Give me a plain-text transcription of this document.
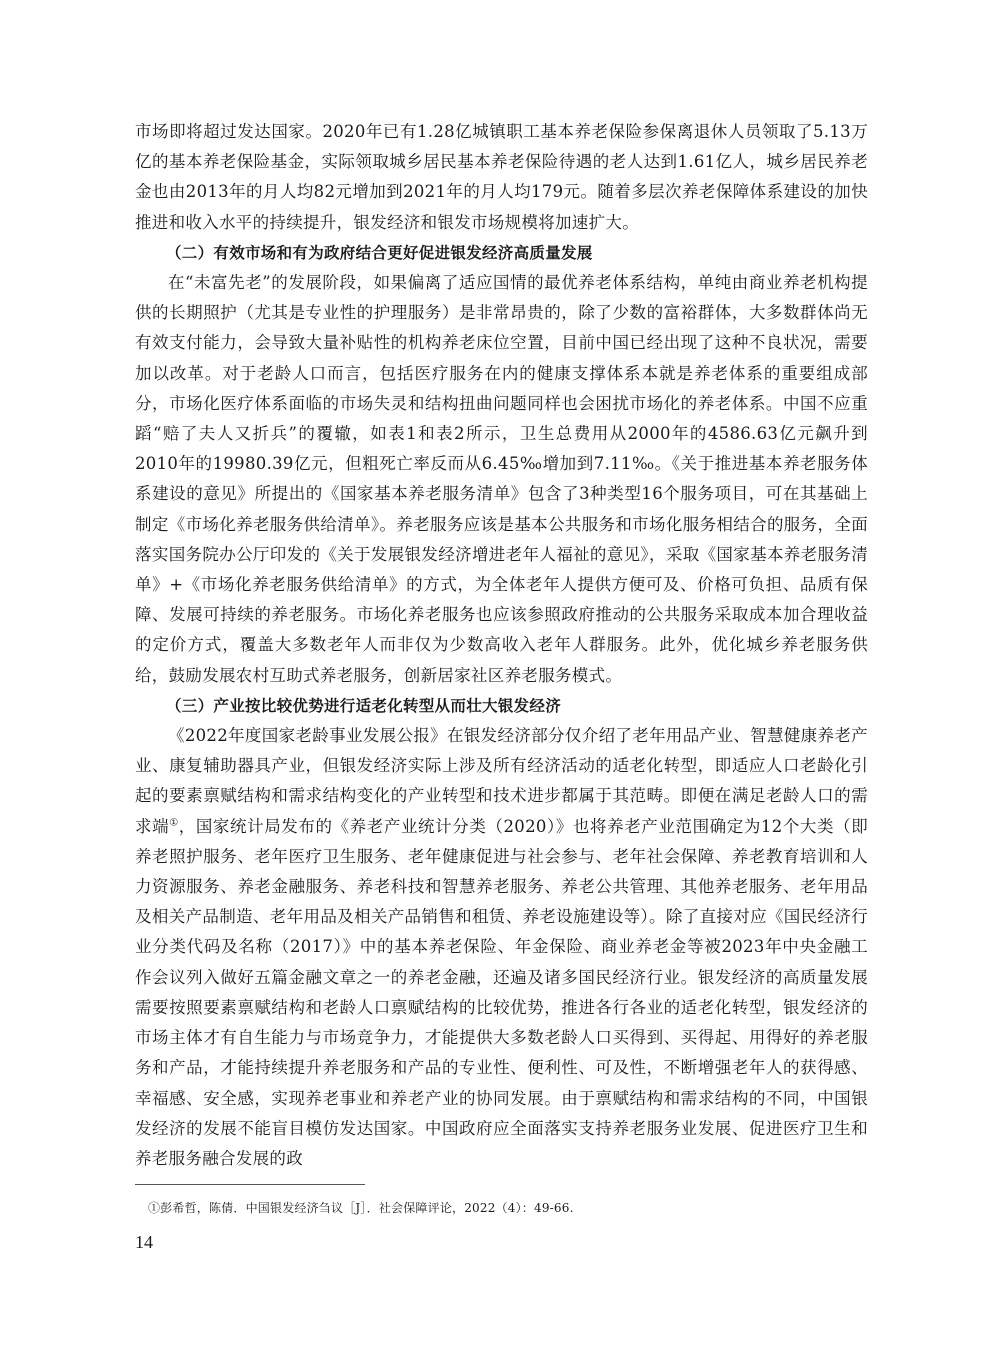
市场即将超过发达国家。2020年已有1.28亿城镇职工基本养老保险参保离退休人员领取了5.13万亿的基本养老保险基金，实际领取城乡居民基本养老保险待遇的老人达到1.61亿人，城乡居民养老金也由2013年的月人均82元增加到2021年的月人均179元。随着多层次养老保障体系建设的加快推进和收入水平的持续提升，银发经济和银发市场规模将加速扩大。

（二）有效市场和有为政府结合更好促进银发经济高质量发展

在“未富先老”的发展阶段，如果偏离了适应国情的最优养老体系结构，单纯由商业养老机构提供的长期照护（尤其是专业性的护理服务）是非常昂贵的，除了少数的富裕群体，大多数群体尚无有效支付能力，会导致大量补贴性的机构养老床位空置，目前中国已经出现了这种不良状况，需要加以改革。对于老龄人口而言，包括医疗服务在内的健康支撑体系本就是养老体系的重要组成部分，市场化医疗体系面临的市场失灵和结构扭曲问题同样也会困扰市场化的养老体系。中国不应重蹈“赔了夫人又折兵”的覆辙，如表1和表2所示，卫生总费用从2000年的4586.63亿元飙升到2010年的19980.39亿元，但粗死亡率反而从6.45‰增加到7.11‰。《关于推进基本养老服务体系建设的意见》所提出的《国家基本养老服务清单》包含了3种类型16个服务项目，可在其基础上制定《市场化养老服务供给清单》。养老服务应该是基本公共服务和市场化服务相结合的服务，全面落实国务院办公厅印发的《关于发展银发经济增进老年人福祉的意见》，采取《国家基本养老服务清单》+《市场化养老服务供给清单》的方式，为全体老年人提供方便可及、价格可负担、品质有保障、发展可持续的养老服务。市场化养老服务也应该参照政府推动的公共服务采取成本加合理收益的定价方式，覆盖大多数老年人而非仅为少数高收入老年人群服务。此外，优化城乡养老服务供给，鼓励发展农村互助式养老服务，创新居家社区养老服务模式。

（三）产业按比较优势进行适老化转型从而壮大银发经济

《2022年度国家老龄事业发展公报》在银发经济部分仅介绍了老年用品产业、智慧健康养老产业、康复辅助器具产业，但银发经济实际上涉及所有经济活动的适老化转型，即适应人口老龄化引起的要素禀赋结构和需求结构变化的产业转型和技术进步都属于其范畴。即便在满足老龄人口的需求端①，国家统计局发布的《养老产业统计分类（2020）》也将养老产业范围确定为12个大类（即养老照护服务、老年医疗卫生服务、老年健康促进与社会参与、老年社会保障、养老教育培训和人力资源服务、养老金融服务、养老科技和智慧养老服务、养老公共管理、其他养老服务、老年用品及相关产品制造、老年用品及相关产品销售和租赁、养老设施建设等）。除了直接对应《国民经济行业分类代码及名称（2017）》中的基本养老保险、年金保险、商业养老金等被2023年中央金融工作会议列入做好五篇金融文章之一的养老金融，还遍及诸多国民经济行业。银发经济的高质量发展需要按照要素禀赋结构和老龄人口禀赋结构的比较优势，推进各行各业的适老化转型，银发经济的市场主体才有自生能力与市场竞争力，才能提供大多数老龄人口买得到、买得起、用得好的养老服务和产品，才能持续提升养老服务和产品的专业性、便利性、可及性，不断增强老年人的获得感、幸福感、安全感，实现养老事业和养老产业的协同发展。由于禀赋结构和需求结构的不同，中国银发经济的发展不能盲目模仿发达国家。中国政府应全面落实支持养老服务业发展、促进医疗卫生和养老服务融合发展的政

①彭希哲，陈倩．中国银发经济刍议［J］．社会保障评论，2022（4）：49-66.
14
